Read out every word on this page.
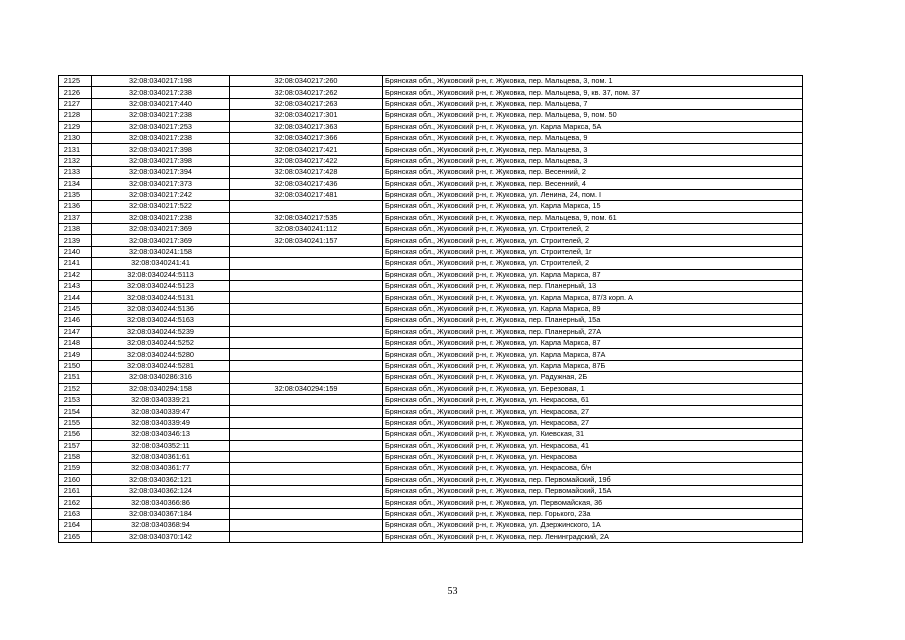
2125	32:08:0340217:198	32:08:0340217:260	Брянская обл., Жуковский р-н, г. Жуковка, пер. Мальцева, 3, пом. 1
2126	32:08:0340217:238	32:08:0340217:262	Брянская обл., Жуковский р-н, г. Жуковка, пер. Мальцева, 9, кв. 37, пом. 37
2127	32:08:0340217:440	32:08:0340217:263	Брянская обл., Жуковский р-н, г. Жуковка, пер. Мальцева, 7
2128	32:08:0340217:238	32:08:0340217:301	Брянская обл., Жуковский р-н, г. Жуковка, пер. Мальцева, 9, пом. 50
2129	32:08:0340217:253	32:08:0340217:363	Брянская обл., Жуковский р-н, г. Жуковка, ул. Карла Маркса, 5А
2130	32:08:0340217:238	32:08:0340217:366	Брянская обл., Жуковский р-н, г. Жуковка, пер. Мальцева, 9
2131	32:08:0340217:398	32:08:0340217:421	Брянская обл., Жуковский р-н, г. Жуковка, пер. Мальцева, 3
2132	32:08:0340217:398	32:08:0340217:422	Брянская обл., Жуковский р-н, г. Жуковка, пер. Мальцева, 3
2133	32:08:0340217:394	32:08:0340217:428	Брянская обл., Жуковский р-н, г. Жуковка, пер. Весенний, 2
2134	32:08:0340217:373	32:08:0340217:436	Брянская обл., Жуковский р-н, г. Жуковка, пер. Весенний, 4
2135	32:08:0340217:242	32:08:0340217:481	Брянская обл., Жуковский р-н, г. Жуковка, ул. Ленина, 24, пом. I
2136	32:08:0340217:522		Брянская обл., Жуковский р-н, г. Жуковка, ул. Карла Маркса, 15
2137	32:08:0340217:238	32:08:0340217:535	Брянская обл., Жуковский р-н, г. Жуковка, пер. Мальцева, 9, пом. 61
2138	32:08:0340217:369	32:08:0340241:112	Брянская обл., Жуковский р-н, г. Жуковка, ул. Строителей, 2
2139	32:08:0340217:369	32:08:0340241:157	Брянская обл., Жуковский р-н, г. Жуковка, ул. Строителей, 2
2140	32:08:0340241:158		Брянская обл., Жуковский р-н, г. Жуковка, ул. Строителей, 1г
2141	32:08:0340241:41		Брянская обл., Жуковский р-н, г. Жуковка, ул. Строителей, 2
2142	32:08:0340244:5113		Брянская обл., Жуковский р-н, г. Жуковка, ул. Карла Маркса, 87
2143	32:08:0340244:5123		Брянская обл., Жуковский р-н, г. Жуковка, пер. Планерный, 13
2144	32:08:0340244:5131		Брянская обл., Жуковский р-н, г. Жуковка, ул. Карла Маркса, 87/3 корп. А
2145	32:08:0340244:5136		Брянская обл., Жуковский р-н, г. Жуковка, ул. Карла Маркса, 89
2146	32:08:0340244:5163		Брянская обл., Жуковский р-н, г. Жуковка, пер. Планерный, 15а
2147	32:08:0340244:5239		Брянская обл., Жуковский р-н, г. Жуковка, пер. Планерный, 27А
2148	32:08:0340244:5252		Брянская обл., Жуковский р-н, г. Жуковка, ул. Карла Маркса, 87
2149	32:08:0340244:5280		Брянская обл., Жуковский р-н, г. Жуковка, ул. Карла Маркса, 87А
2150	32:08:0340244:5281		Брянская обл., Жуковский р-н, г. Жуковка, ул. Карла Маркса, 87Б
2151	32:08:0340286:316		Брянская обл., Жуковский р-н, г. Жуковка, ул. Радужная, 2Б
2152	32:08:0340294:158	32:08:0340294:159	Брянская обл., Жуковский р-н, г. Жуковка, ул. Березовая, 1
2153	32:08:0340339:21		Брянская обл., Жуковский р-н, г. Жуковка, ул. Некрасова, 61
2154	32:08:0340339:47		Брянская обл., Жуковский р-н, г. Жуковка, ул. Некрасова, 27
2155	32:08:0340339:49		Брянская обл., Жуковский р-н, г. Жуковка, ул. Некрасова, 27
2156	32:08:0340346:13		Брянская обл., Жуковский р-н, г. Жуковка, ул. Киевская, 31
2157	32:08:0340352:11		Брянская обл., Жуковский р-н, г. Жуковка, ул. Некрасова, 41
2158	32:08:0340361:61		Брянская обл., Жуковский р-н, г. Жуковка, ул. Некрасова
2159	32:08:0340361:77		Брянская обл., Жуковский р-н, г. Жуковка, ул. Некрасова, б/н
2160	32:08:0340362:121		Брянская обл., Жуковский р-н, г. Жуковка, пер. Первомайский, 19б
2161	32:08:0340362:124		Брянская обл., Жуковский р-н, г. Жуковка, пер. Первомайский, 15А
2162	32:08:0340366:86		Брянская обл., Жуковский р-н, г. Жуковка, ул. Первомайская, 36
2163	32:08:0340367:184		Брянская обл., Жуковский р-н, г. Жуковка, пер. Горького, 23а
2164	32:08:0340368:94		Брянская обл., Жуковский р-н, г. Жуковка, ул. Дзержинского, 1А
2165	32:08:0340370:142		Брянская обл., Жуковский р-н, г. Жуковка, пер. Ленинградский, 2А
53
